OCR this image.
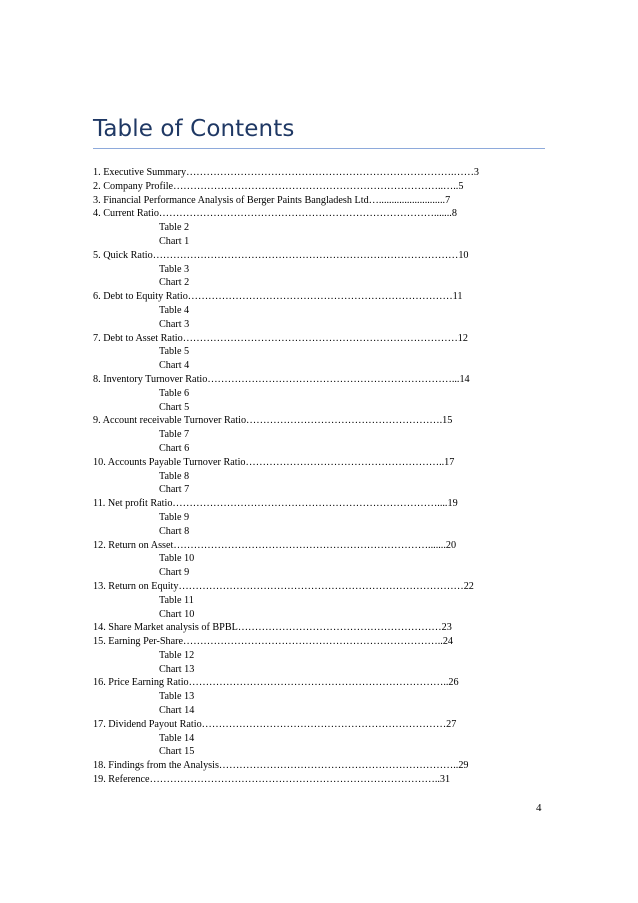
Table of Contents
1. Executive Summary…………………………………………………………………….……3
2. Company Profile……………………………………………………………………..…..5
3. Financial Performance Analysis of Berger Paints Bangladesh Ltd…..........................7
4. Current Ratio……………………………………………………………………….......8
Table 2
Chart 1
5. Quick Ratio………………………………………………………………………………10
Table 3
Chart 2
6. Debt to Equity Ratio……………………………………………………………………11
Table 4
Chart 3
7. Debt to Asset Ratio………………………………………………………………………12
Table 5
Chart 4
8. Inventory Turnover Ratio………………………………………………………………...14
Table 6
Chart 5
9. Account receivable Turnover Ratio………………………………………………….15
Table 7
Chart 6
10. Accounts Payable Turnover Ratio…………………………………………………..17
Table 8
Chart 7
11. Net profit Ratio……………………………………………………………………....19
Table 9
Chart 8
12. Return on Asset………………………………………………………………….......20
Table 10
Chart 9
13. Return on Equity…………………………………………………………………………22
Table 11
Chart 10
14. Share Market analysis of BPBL……………………………………………………23
15. Earning Per-Share…………………………………………………………………..24
Table 12
Chart 13
16. Price Earning Ratio…………………………………………………………………..26
Table 13
Chart 14
17. Dividend Payout Ratio………………………………………………………………27
Table 14
Chart 15
18. Findings from the Analysis……………………………………………………………..29
19. Reference…………………………………………………………………………..31
4
